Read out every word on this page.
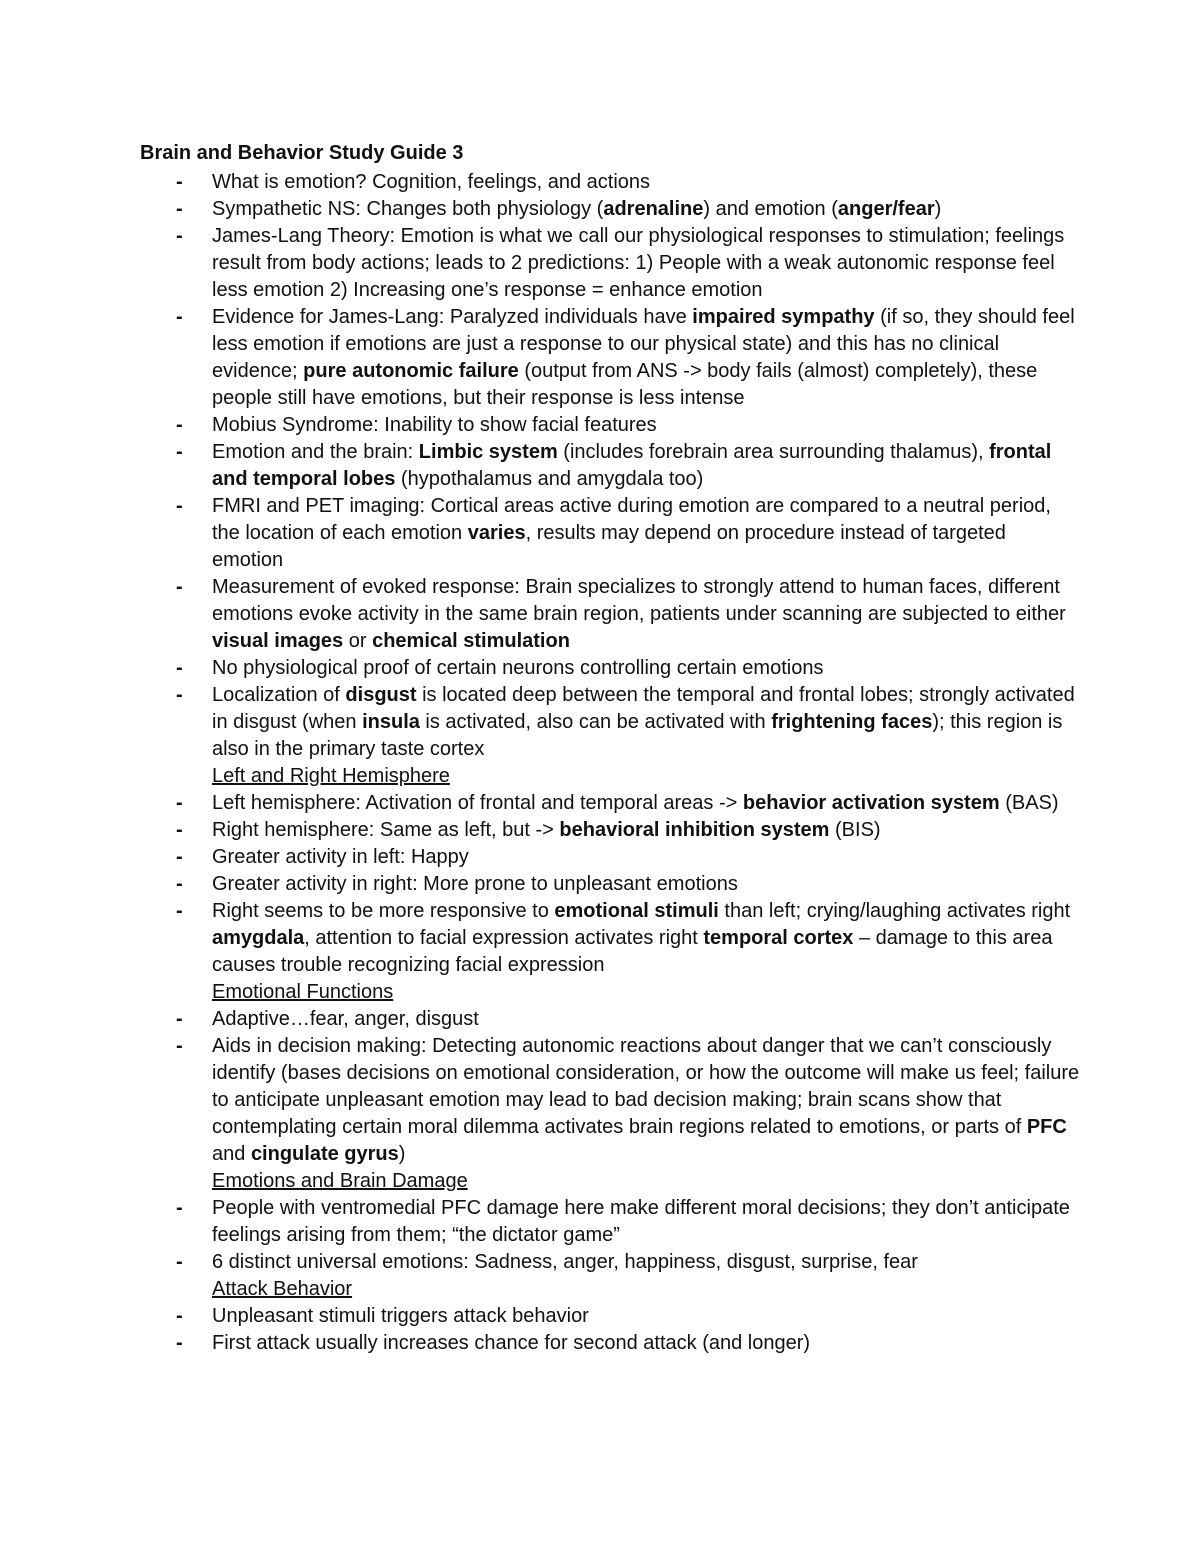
Brain and Behavior Study Guide 3
- What is emotion? Cognition, feelings, and actions
- Sympathetic NS: Changes both physiology (adrenaline) and emotion (anger/fear)
- James-Lang Theory: Emotion is what we call our physiological responses to stimulation; feelings result from body actions; leads to 2 predictions: 1) People with a weak autonomic response feel less emotion 2) Increasing one’s response = enhance emotion
- Evidence for James-Lang: Paralyzed individuals have impaired sympathy (if so, they should feel less emotion if emotions are just a response to our physical state) and this has no clinical evidence; pure autonomic failure (output from ANS -> body fails (almost) completely), these people still have emotions, but their response is less intense
- Mobius Syndrome: Inability to show facial features
- Emotion and the brain: Limbic system (includes forebrain area surrounding thalamus), frontal and temporal lobes (hypothalamus and amygdala too)
- FMRI and PET imaging: Cortical areas active during emotion are compared to a neutral period, the location of each emotion varies, results may depend on procedure instead of targeted emotion
- Measurement of evoked response: Brain specializes to strongly attend to human faces, different emotions evoke activity in the same brain region, patients under scanning are subjected to either visual images or chemical stimulation
- No physiological proof of certain neurons controlling certain emotions
- Localization of disgust is located deep between the temporal and frontal lobes; strongly activated in disgust (when insula is activated, also can be activated with frightening faces); this region is also in the primary taste cortex
Left and Right Hemisphere
- Left hemisphere: Activation of frontal and temporal areas -> behavior activation system (BAS)
- Right hemisphere: Same as left, but -> behavioral inhibition system (BIS)
- Greater activity in left: Happy
- Greater activity in right: More prone to unpleasant emotions
- Right seems to be more responsive to emotional stimuli than left; crying/laughing activates right amygdala, attention to facial expression activates right temporal cortex – damage to this area causes trouble recognizing facial expression
Emotional Functions
- Adaptive…fear, anger, disgust
- Aids in decision making: Detecting autonomic reactions about danger that we can’t consciously identify (bases decisions on emotional consideration, or how the outcome will make us feel; failure to anticipate unpleasant emotion may lead to bad decision making; brain scans show that contemplating certain moral dilemma activates brain regions related to emotions, or parts of PFC and cingulate gyrus)
Emotions and Brain Damage
- People with ventromedial PFC damage here make different moral decisions; they don’t anticipate feelings arising from them; “the dictator game”
- 6 distinct universal emotions: Sadness, anger, happiness, disgust, surprise, fear
Attack Behavior
- Unpleasant stimuli triggers attack behavior
- First attack usually increases chance for second attack (and longer)
